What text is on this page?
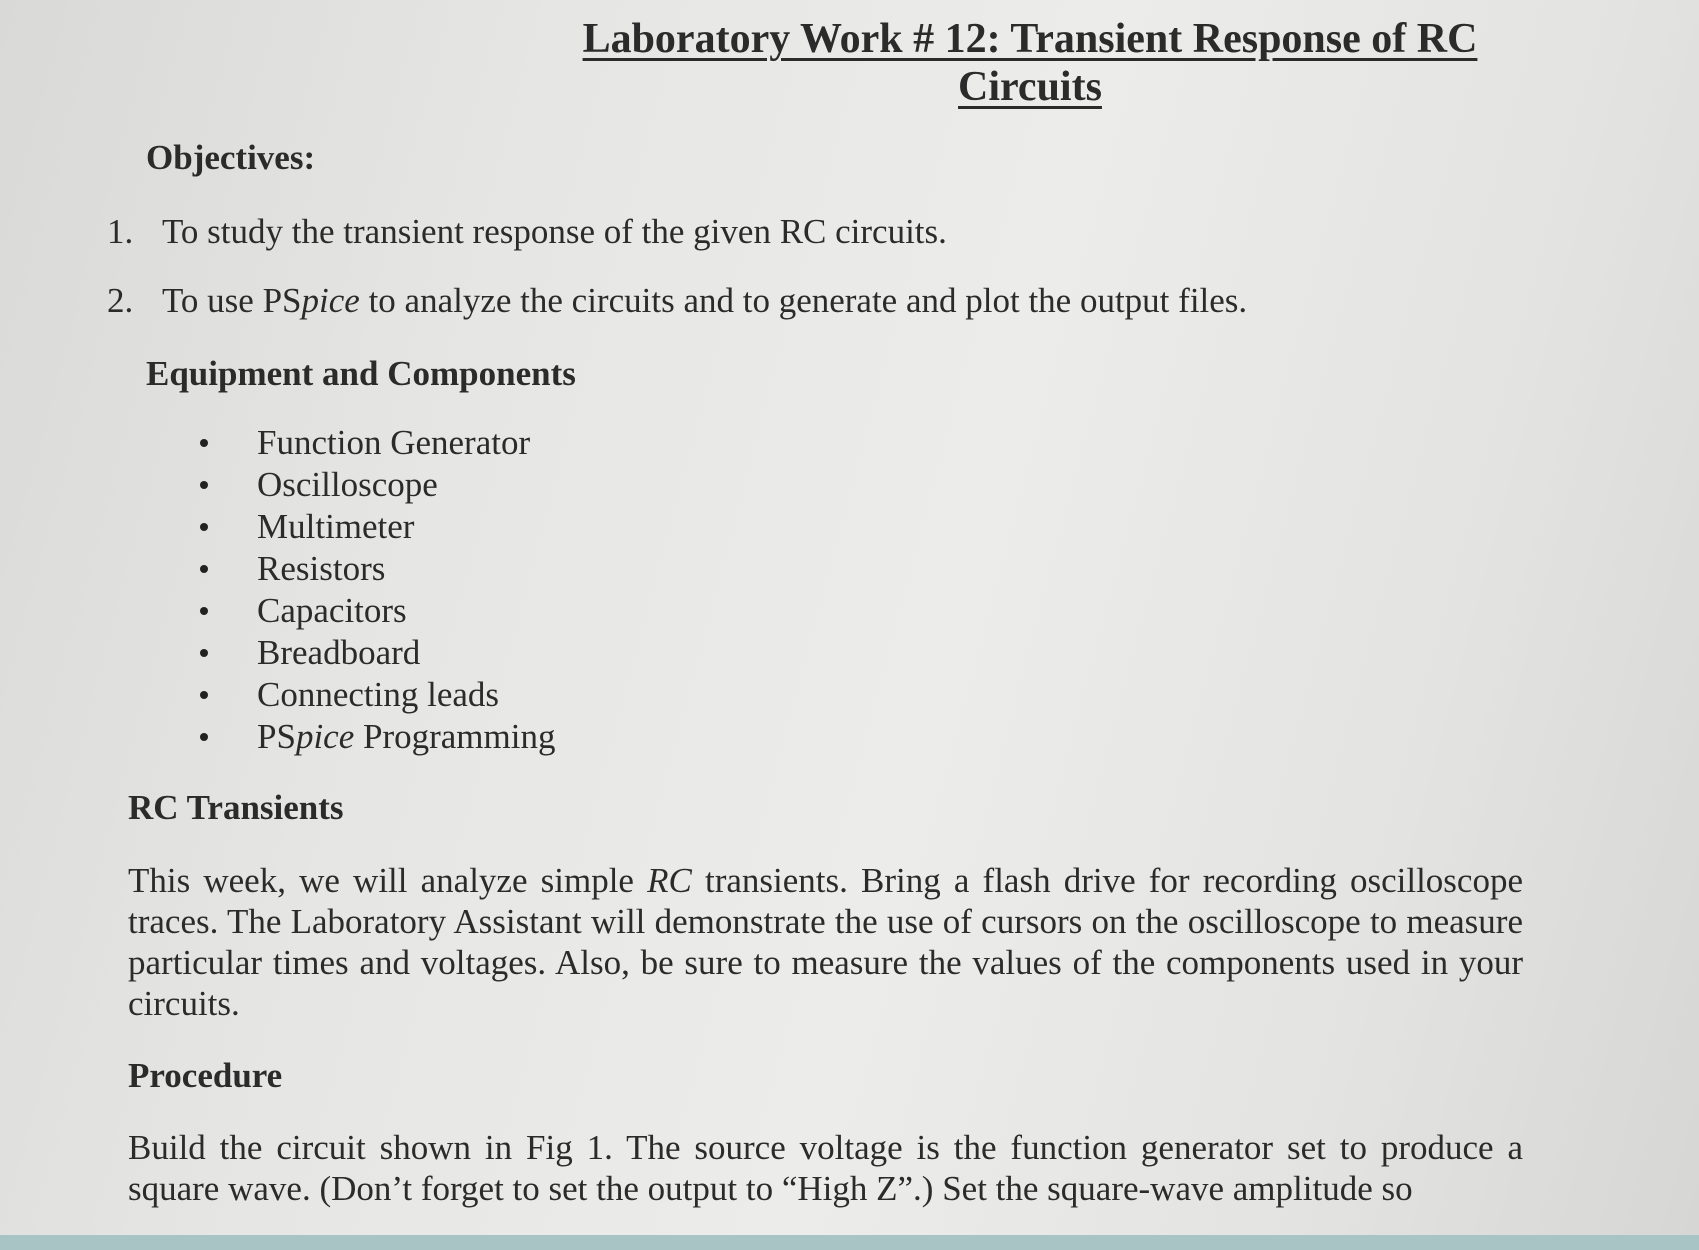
Laboratory Work # 12: Transient Response of RC
Circuits
Objectives:
1. To study the transient response of the given RC circuits.
2. To use PSpice to analyze the circuits and to generate and plot the output files.
Equipment and Components
Function Generator
Oscilloscope
Multimeter
Resistors
Capacitors
Breadboard
Connecting leads
PSpice Programming
RC Transients
This week, we will analyze simple RC transients. Bring a flash drive for recording oscilloscope traces. The Laboratory Assistant will demonstrate the use of cursors on the oscilloscope to measure particular times and voltages. Also, be sure to measure the values of the components used in your circuits.
Procedure
Build the circuit shown in Fig 1. The source voltage is the function generator set to produce a square wave. (Don’t forget to set the output to “High Z”.) Set the square-wave amplitude so
